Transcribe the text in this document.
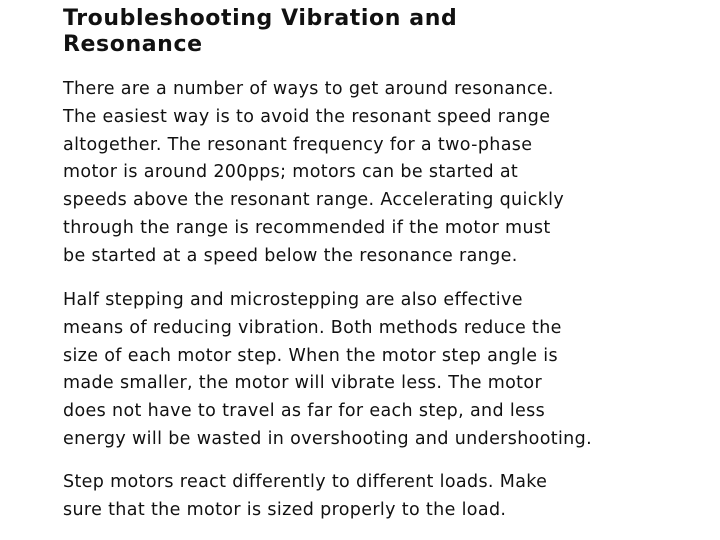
Troubleshooting Vibration and
Resonance

There are a number of ways to get around resonance.
The easiest way is to avoid the resonant speed range
altogether. The resonant frequency for a two-phase
motor is around 200pps; motors can be started at
speeds above the resonant range. Accelerating quickly
through the range is recommended if the motor must
be started at a speed below the resonance range.

Half stepping and microstepping are also effective
means of reducing vibration. Both methods reduce the
size of each motor step. When the motor step angle is
made smaller, the motor will vibrate less. The motor
does not have to travel as far for each step, and less
energy will be wasted in overshooting and undershooting.

Step motors react differently to different loads. Make
sure that the motor is sized properly to the load.
